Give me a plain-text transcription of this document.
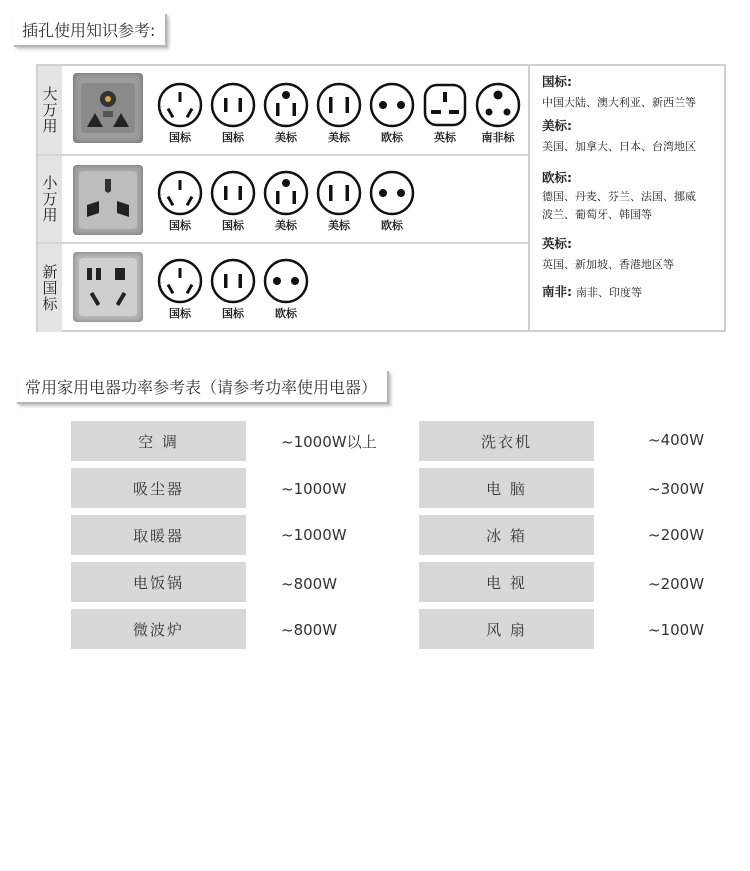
插孔使用知识参考:
大万用
国标	国标	美标	美标	欧标	英标	南非标
小万用
国标	国标	美标	美标	欧标
新国标
国标	国标	欧标
国标:
中国大陆、澳大利亚、新西兰等
美标:
美国、加拿大、日本、台湾地区
欧标:
德国、丹麦、芬兰、法国、挪威
波兰、葡萄牙、韩国等
英标:
英国、新加坡、香港地区等
南非: 南非、印度等
常用家用电器功率参考表（请参考功率使用电器）
空 调	~1000W以上
吸尘器	~1000W
取暖器	~1000W
电饭锅	~800W
微波炉	~800W
洗衣机	~400W
电 脑	~300W
冰 箱	~200W
电 视	~200W
风 扇	~100W
